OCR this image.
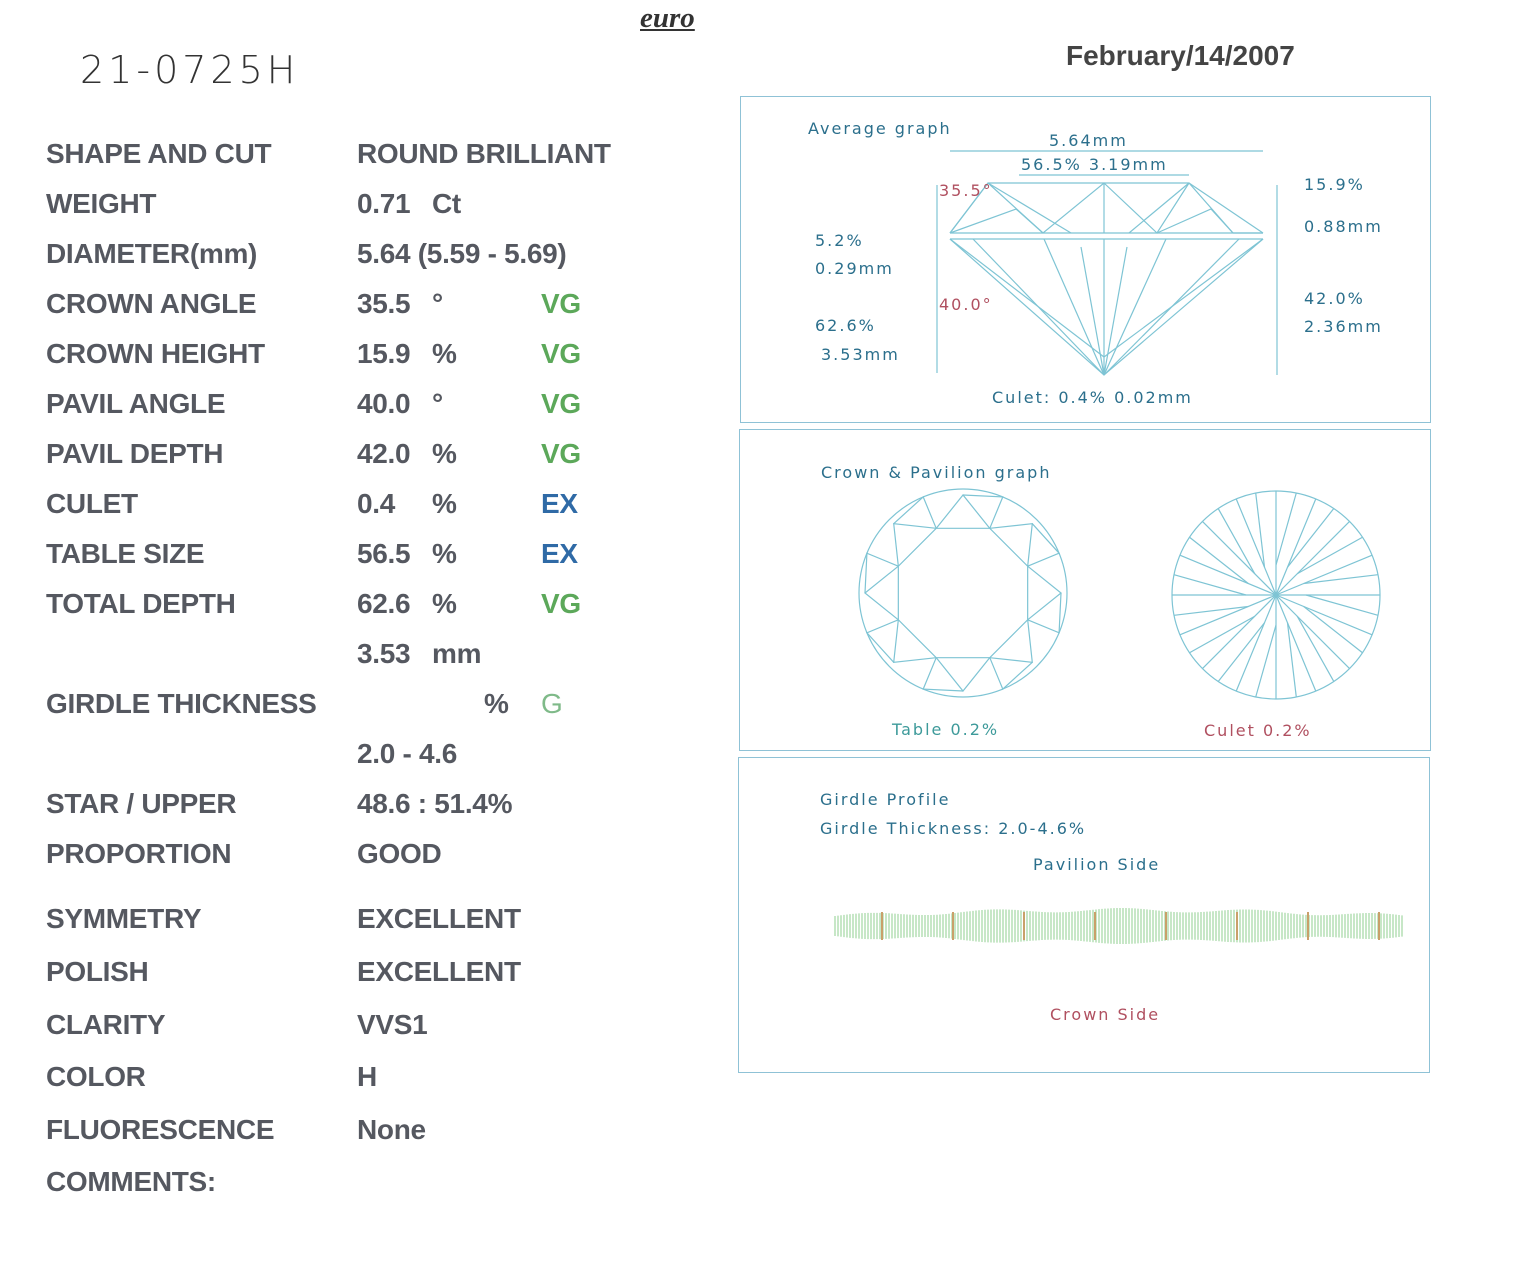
euro
21-0725H	February/14/2007
SHAPE AND CUT	ROUND BRILLIANT
WEIGHT	0.71 Ct
DIAMETER(mm)	5.64 (5.59 - 5.69)
CROWN ANGLE	35.5 °	VG
CROWN HEIGHT	15.9 %	VG
PAVIL ANGLE	40.0 °	VG
PAVIL DEPTH	42.0 %	VG
CULET	0.4 %	EX
TABLE SIZE	56.5 %	EX
TOTAL DEPTH	62.6 %	VG
3.53 mm
GIRDLE THICKNESS	% G
2.0 - 4.6
STAR / UPPER	48.6 : 51.4%
PROPORTION	GOOD
SYMMETRY	EXCELLENT
POLISH	EXCELLENT
CLARITY	VVS1
COLOR	H
FLUORESCENCE	None
COMMENTS:
Average graph
5.64mm
56.5% 3.19mm
35.5°	15.9%
0.88mm
5.2%
0.29mm
40.0°	42.0%
2.36mm
62.6%
3.53mm
Culet: 0.4% 0.02mm
Crown & Pavilion graph
Table 0.2%	Culet 0.2%
Girdle Profile
Girdle Thickness: 2.0-4.6%
Pavilion Side
Crown Side
